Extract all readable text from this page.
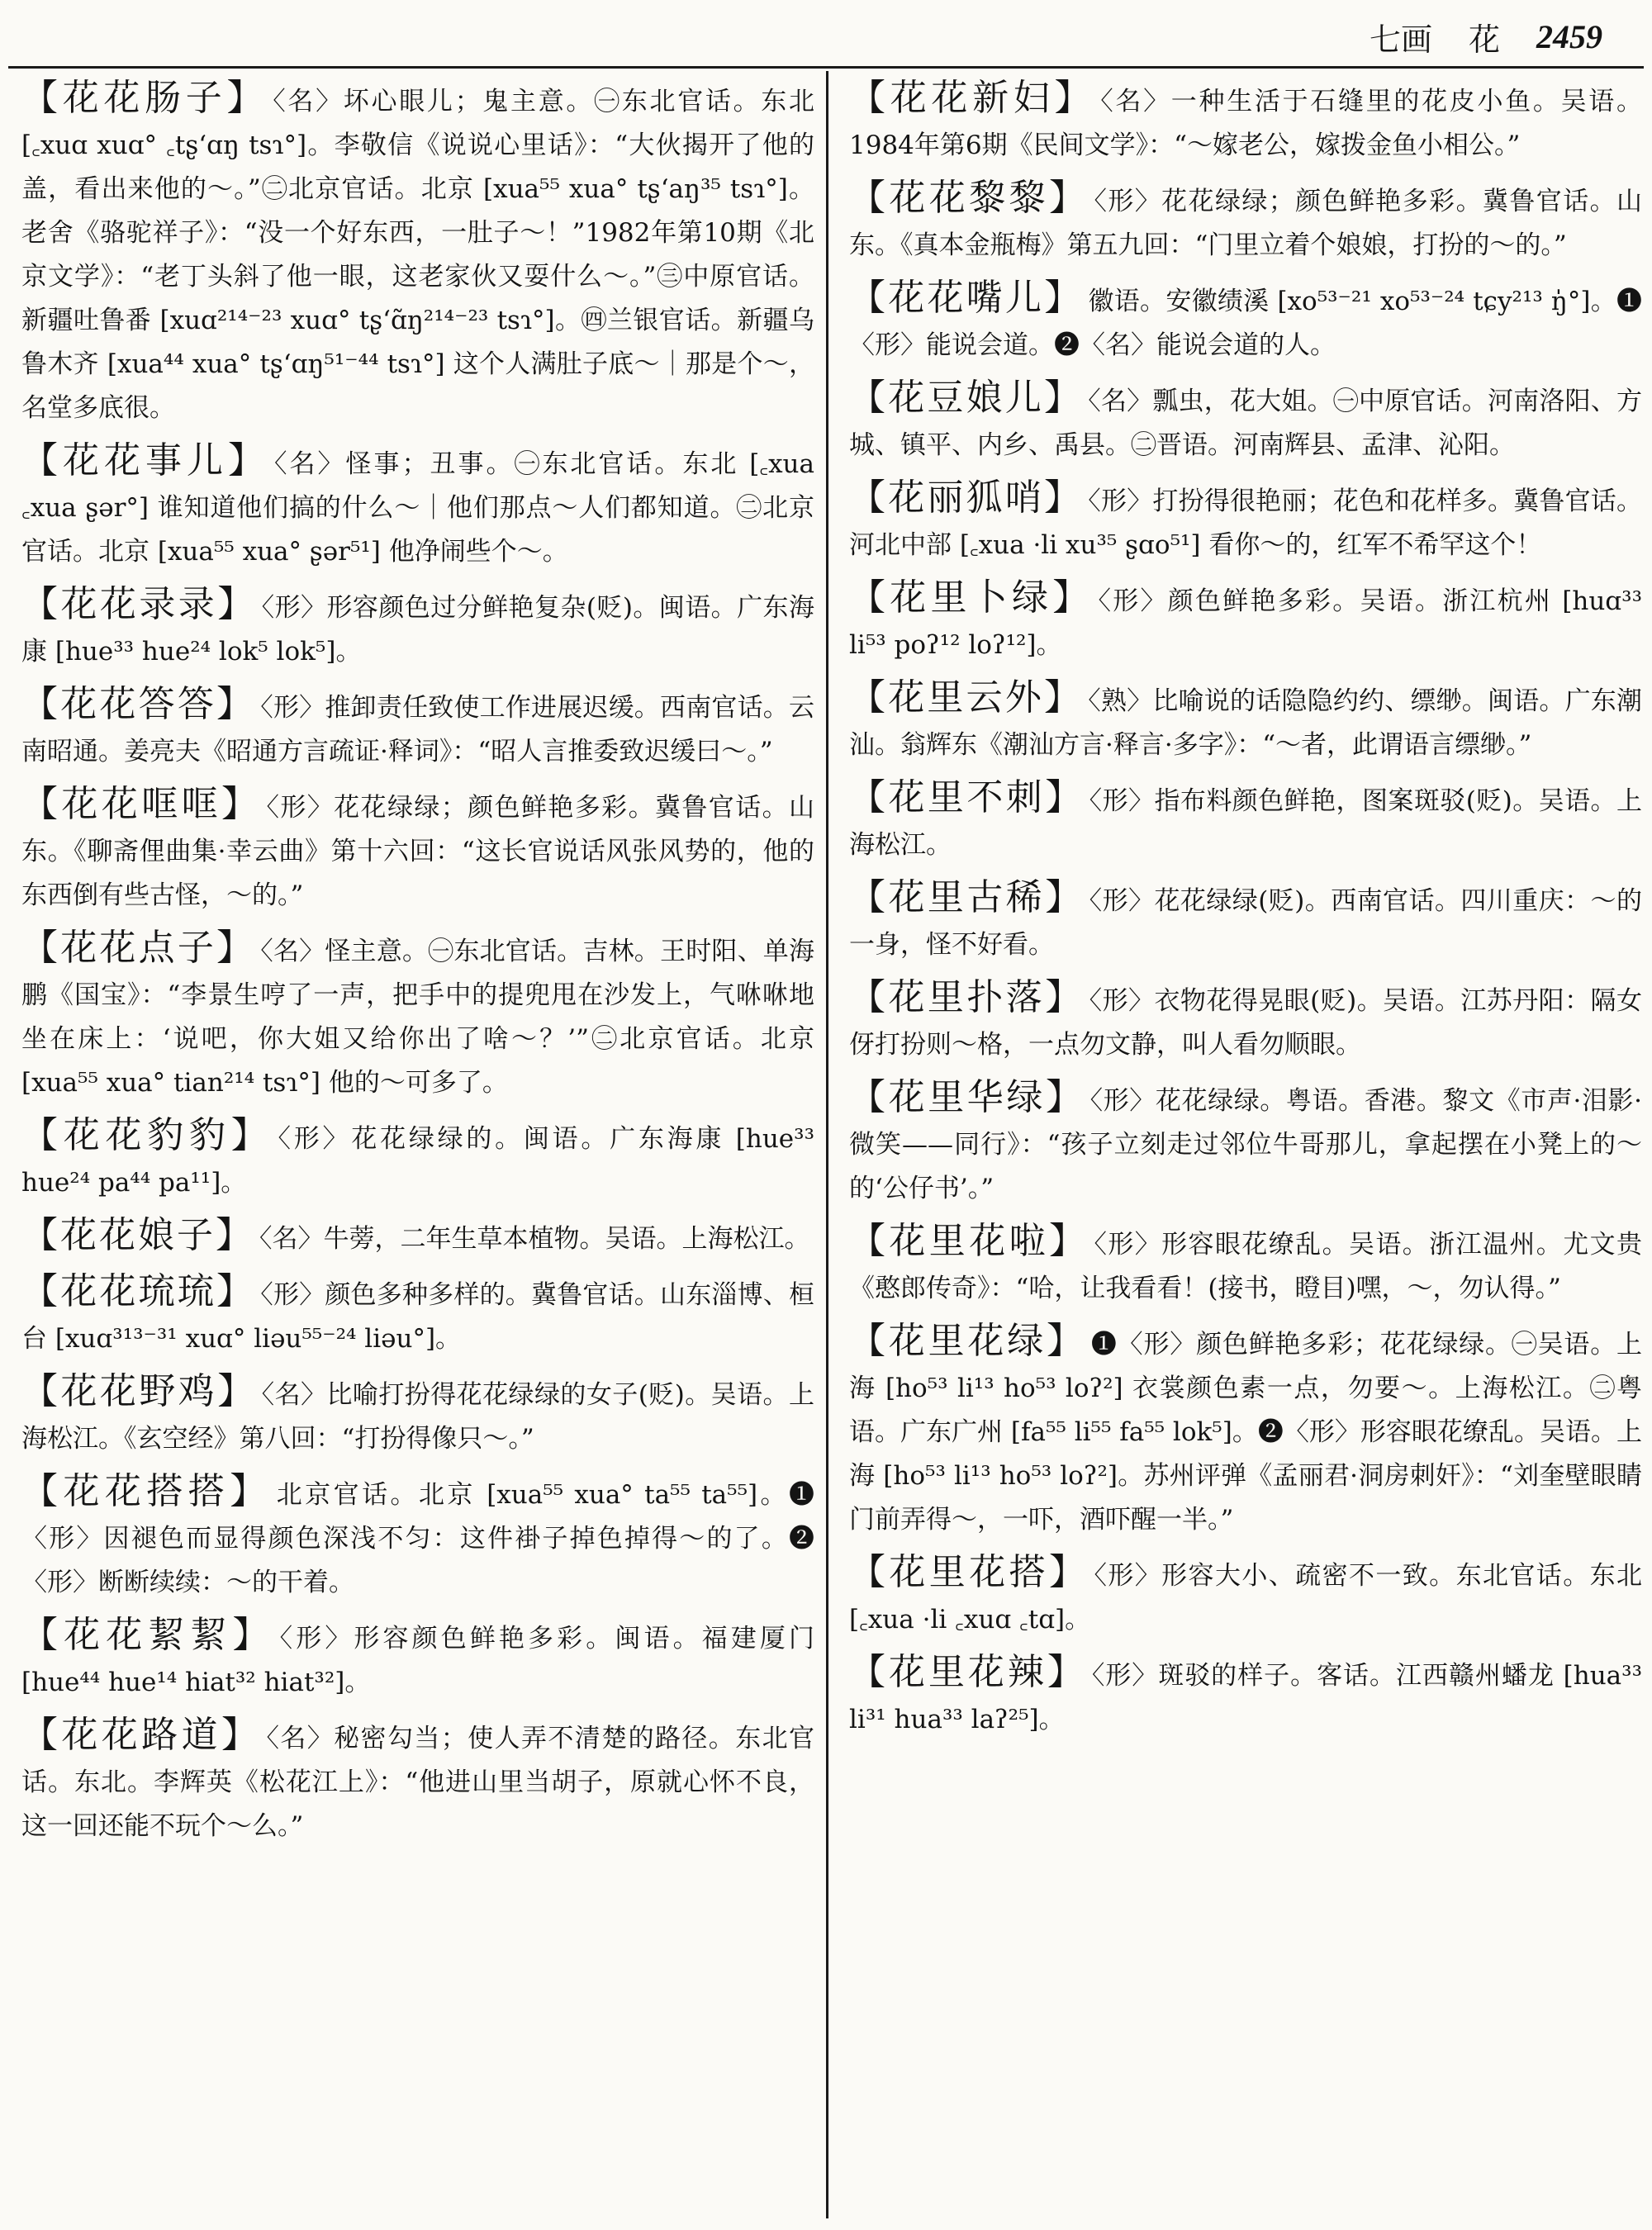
七画 花 2459

【花花肠子】 〈名〉坏心眼儿；鬼主意。㊀东北官话。东北 [꜀xuɑ xuɑ° ꜀tʂʻɑŋ tsɿ°]。李敬信《说说心里话》：“大伙揭开了他的盖，看出来他的～。”㊁北京官话。北京 [xua⁵⁵ xua° tʂʻaŋ³⁵ tsɿ°]。老舍《骆驼祥子》：“没一个好东西，一肚子～！”1982年第10期《北京文学》：“老丁头斜了他一眼，这老家伙又耍什么～。”㊂中原官话。新疆吐鲁番 [xuɑ²¹⁴⁻²³ xuɑ° tʂʻɑ̃ŋ²¹⁴⁻²³ tsɿ°]。㊃兰银官话。新疆乌鲁木齐 [xua⁴⁴ xua° tʂʻɑŋ⁵¹⁻⁴⁴ tsɿ°] 这个人满肚子底～｜那是个～，名堂多底很。

【花花事儿】 〈名〉怪事；丑事。㊀东北官话。东北 [꜀xua ꜀xua ʂər°] 谁知道他们搞的什么～｜他们那点～人们都知道。㊁北京官话。北京 [xua⁵⁵ xua° ʂər⁵¹] 他净闹些个～。

【花花录录】 〈形〉形容颜色过分鲜艳复杂(贬)。闽语。广东海康 [hue³³ hue²⁴ lok⁵ lok⁵]。

【花花答答】 〈形〉推卸责任致使工作进展迟缓。西南官话。云南昭通。姜亮夫《昭通方言疏证·释词》：“昭人言推委致迟缓曰～。”

【花花哐哐】 〈形〉花花绿绿；颜色鲜艳多彩。冀鲁官话。山东。《聊斋俚曲集·幸云曲》第十六回：“这长官说话风张风势的，他的东西倒有些古怪，～的。”

【花花点子】 〈名〉怪主意。㊀东北官话。吉林。王时阳、单海鹏《国宝》：“李景生哼了一声，把手中的提兜甩在沙发上，气咻咻地坐在床上：‘说吧，你大姐又给你出了啥～？’”㊁北京官话。北京 [xua⁵⁵ xua° tian²¹⁴ tsɿ°] 他的～可多了。

【花花豹豹】 〈形〉花花绿绿的。闽语。广东海康 [hue³³ hue²⁴ pa⁴⁴ pa¹¹]。

【花花娘子】 〈名〉牛蒡，二年生草本植物。吴语。上海松江。

【花花琉琉】 〈形〉颜色多种多样的。冀鲁官话。山东淄博、桓台 [xuɑ³¹³⁻³¹ xuɑ° liəu⁵⁵⁻²⁴ liəu°]。

【花花野鸡】 〈名〉比喻打扮得花花绿绿的女子(贬)。吴语。上海松江。《玄空经》第八回：“打扮得像只～。”

【花花搭搭】 北京官话。北京 [xua⁵⁵ xua° ta⁵⁵ ta⁵⁵]。❶〈形〉因褪色而显得颜色深浅不匀：这件褂子掉色掉得～的了。❷〈形〉断断续续：～的干着。

【花花絜絜】 〈形〉形容颜色鲜艳多彩。闽语。福建厦门 [hue⁴⁴ hue¹⁴ hiat³² hiat³²]。

【花花路道】 〈名〉秘密勾当；使人弄不清楚的路径。东北官话。东北。李辉英《松花江上》：“他进山里当胡子，原就心怀不良，这一回还能不玩个～么。”

【花花新妇】 〈名〉一种生活于石缝里的花皮小鱼。吴语。1984年第6期《民间文学》：“～嫁老公，嫁拨金鱼小相公。”

【花花黎黎】 〈形〉花花绿绿；颜色鲜艳多彩。冀鲁官话。山东。《真本金瓶梅》第五九回：“门里立着个娘娘，打扮的～的。”

【花花嘴儿】 徽语。安徽绩溪 [xo⁵³⁻²¹ xo⁵³⁻²⁴ tɕy²¹³ ŋ̍°]。❶〈形〉能说会道。❷〈名〉能说会道的人。

【花豆娘儿】 〈名〉瓢虫，花大姐。㊀中原官话。河南洛阳、方城、镇平、内乡、禹县。㊁晋语。河南辉县、孟津、沁阳。

【花丽狐哨】 〈形〉打扮得很艳丽；花色和花样多。冀鲁官话。河北中部 [꜀xua ·li xu³⁵ ʂɑo⁵¹] 看你～的，红军不希罕这个！

【花里卜绿】 〈形〉颜色鲜艳多彩。吴语。浙江杭州 [huɑ³³ li⁵³ poʔ¹² loʔ¹²]。

【花里云外】 〈熟〉比喻说的话隐隐约约、缥缈。闽语。广东潮汕。翁辉东《潮汕方言·释言·多字》：“～者，此谓语言缥缈。”

【花里不刺】 〈形〉指布料颜色鲜艳，图案斑驳(贬)。吴语。上海松江。

【花里古稀】 〈形〉花花绿绿(贬)。西南官话。四川重庆：～的一身，怪不好看。

【花里扑落】 〈形〉衣物花得晃眼(贬)。吴语。江苏丹阳：隔女伢打扮则～格，一点勿文静，叫人看勿顺眼。

【花里华绿】 〈形〉花花绿绿。粤语。香港。黎文《市声·泪影·微笑——同行》：“孩子立刻走过邻位牛哥那儿，拿起摆在小凳上的～的‘公仔书’。”

【花里花啦】 〈形〉形容眼花缭乱。吴语。浙江温州。尤文贵《憨郎传奇》：“哈，让我看看！(接书，瞪目)嘿，～，勿认得。”

【花里花绿】 ❶〈形〉颜色鲜艳多彩；花花绿绿。㊀吴语。上海 [ho⁵³ li¹³ ho⁵³ loʔ²] 衣裳颜色素一点，勿要～。上海松江。㊁粤语。广东广州 [fa⁵⁵ li⁵⁵ fa⁵⁵ lok⁵]。❷〈形〉形容眼花缭乱。吴语。上海 [ho⁵³ li¹³ ho⁵³ loʔ²]。苏州评弹《孟丽君·洞房刺奸》：“刘奎壁眼睛门前弄得～，一吓，酒吓醒一半。”

【花里花搭】 〈形〉形容大小、疏密不一致。东北官话。东北 [꜀xua ·li ꜀xuɑ ꜀tɑ]。

【花里花辣】 〈形〉斑驳的样子。客话。江西赣州蟠龙 [hua³³ li³¹ hua³³ laʔ²⁵]。
